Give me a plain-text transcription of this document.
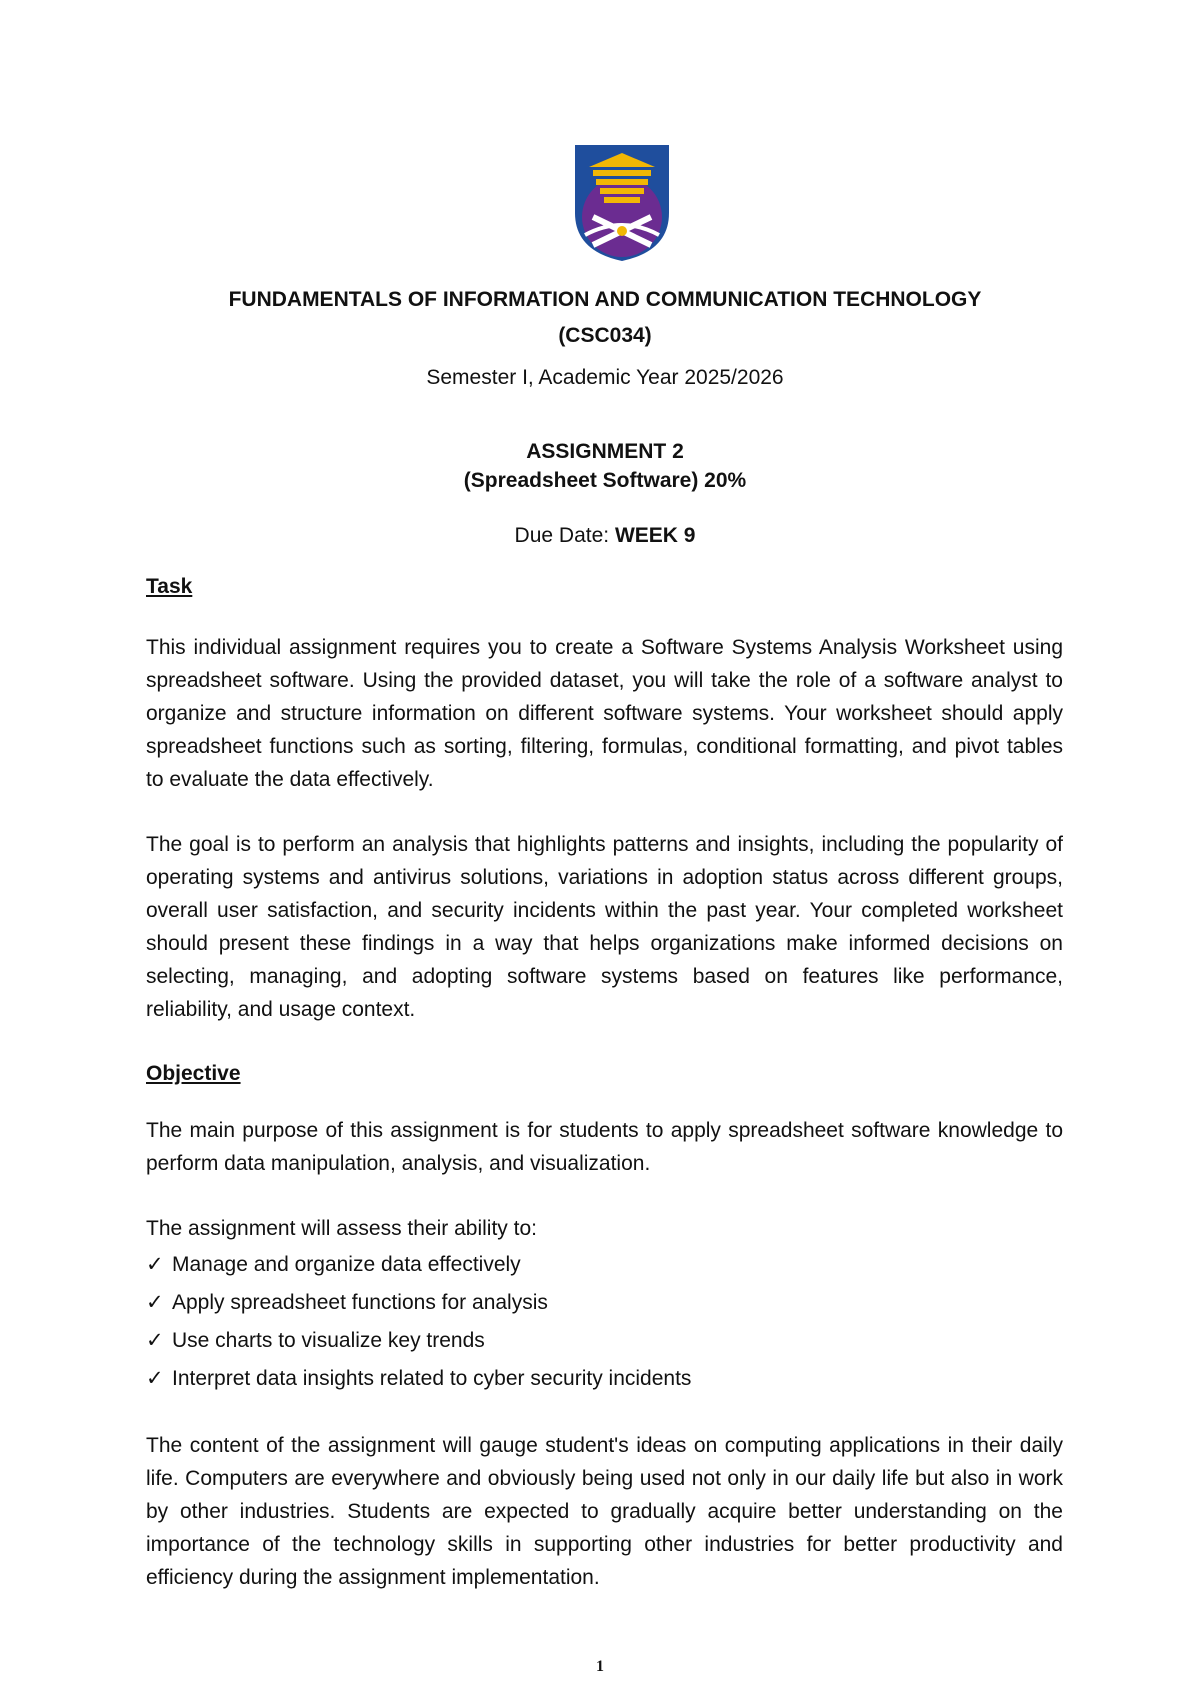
FUNDAMENTALS OF INFORMATION AND COMMUNICATION TECHNOLOGY
(CSC034)
Semester I, Academic Year 2025/2026
ASSIGNMENT 2
(Spreadsheet Software) 20%
Due Date: WEEK 9
Task

This individual assignment requires you to create a Software Systems Analysis Worksheet using spreadsheet software. Using the provided dataset, you will take the role of a software analyst to organize and structure information on different software systems. Your worksheet should apply spreadsheet functions such as sorting, filtering, formulas, conditional formatting, and pivot tables to evaluate the data effectively.

The goal is to perform an analysis that highlights patterns and insights, including the popularity of operating systems and antivirus solutions, variations in adoption status across different groups, overall user satisfaction, and security incidents within the past year. Your completed worksheet should present these findings in a way that helps organizations make informed decisions on selecting, managing, and adopting software systems based on features like performance, reliability, and usage context.

Objective

The main purpose of this assignment is for students to apply spreadsheet software knowledge to perform data manipulation, analysis, and visualization.

The assignment will assess their ability to:

✓ Manage and organize data effectively
✓ Apply spreadsheet functions for analysis
✓ Use charts to visualize key trends
✓ Interpret data insights related to cyber security incidents

The content of the assignment will gauge student's ideas on computing applications in their daily life. Computers are everywhere and obviously being used not only in our daily life but also in work by other industries. Students are expected to gradually acquire better understanding on the importance of the technology skills in supporting other industries for better productivity and efficiency during the assignment implementation.

1
